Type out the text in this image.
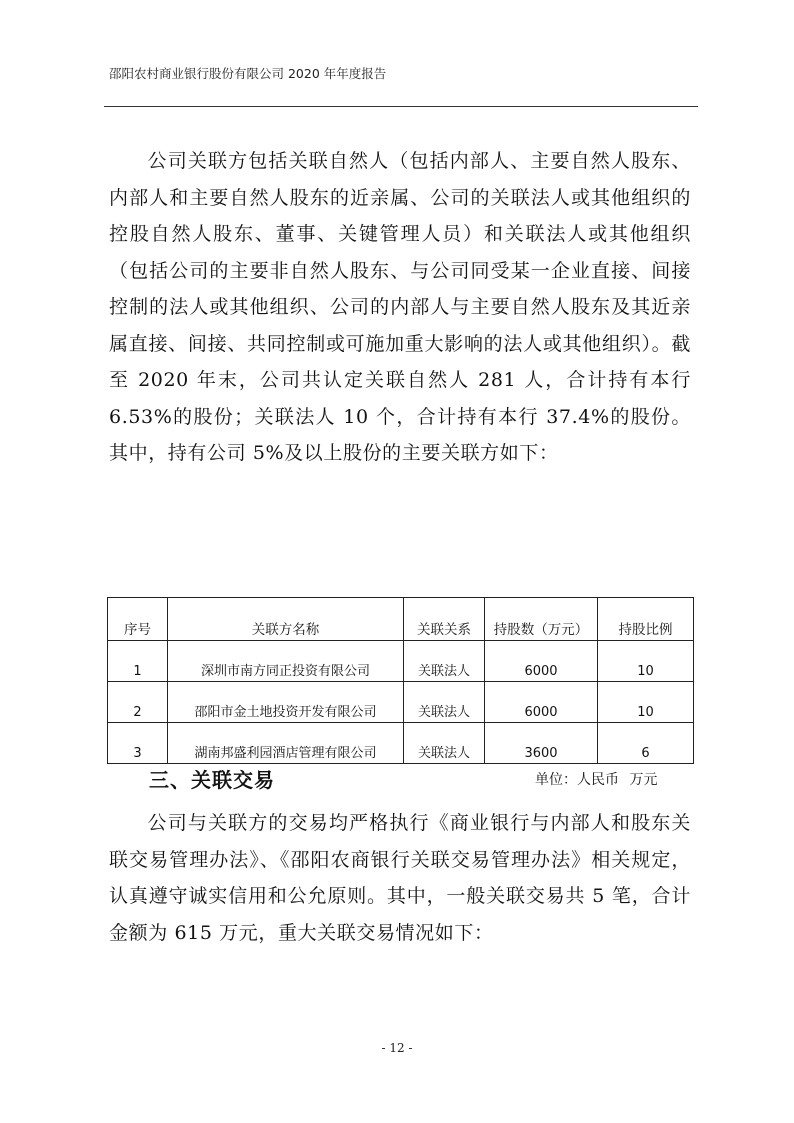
邵阳农村商业银行股份有限公司 2020 年年度报告

公司关联方包括关联自然人（包括内部人、主要自然人股东、内部人和主要自然人股东的近亲属、公司的关联法人或其他组织的控股自然人股东、董事、关键管理人员）和关联法人或其他组织（包括公司的主要非自然人股东、与公司同受某一企业直接、间接控制的法人或其他组织、公司的内部人与主要自然人股东及其近亲属直接、间接、共同控制或可施加重大影响的法人或其他组织）。截至 2020 年末，公司共认定关联自然人 281 人，合计持有本行 6.53%的股份；关联法人 10 个，合计持有本行 37.4%的股份。其中，持有公司 5%及以上股份的主要关联方如下：

序号	关联方名称	关联关系	持股数（万元）	持股比例
1	深圳市南方同正投资有限公司	关联法人	6000	10
2	邵阳市金土地投资开发有限公司	关联法人	6000	10
3	湖南邦盛利园酒店管理有限公司	关联法人	3600	6
三、关联交易	单位：人民币 万元

公司与关联方的交易均严格执行《商业银行与内部人和股东关联交易管理办法》、《邵阳农商银行关联交易管理办法》相关规定，认真遵守诚实信用和公允原则。其中，一般关联交易共 5 笔，合计金额为 615 万元，重大关联交易情况如下：

- 12 -
